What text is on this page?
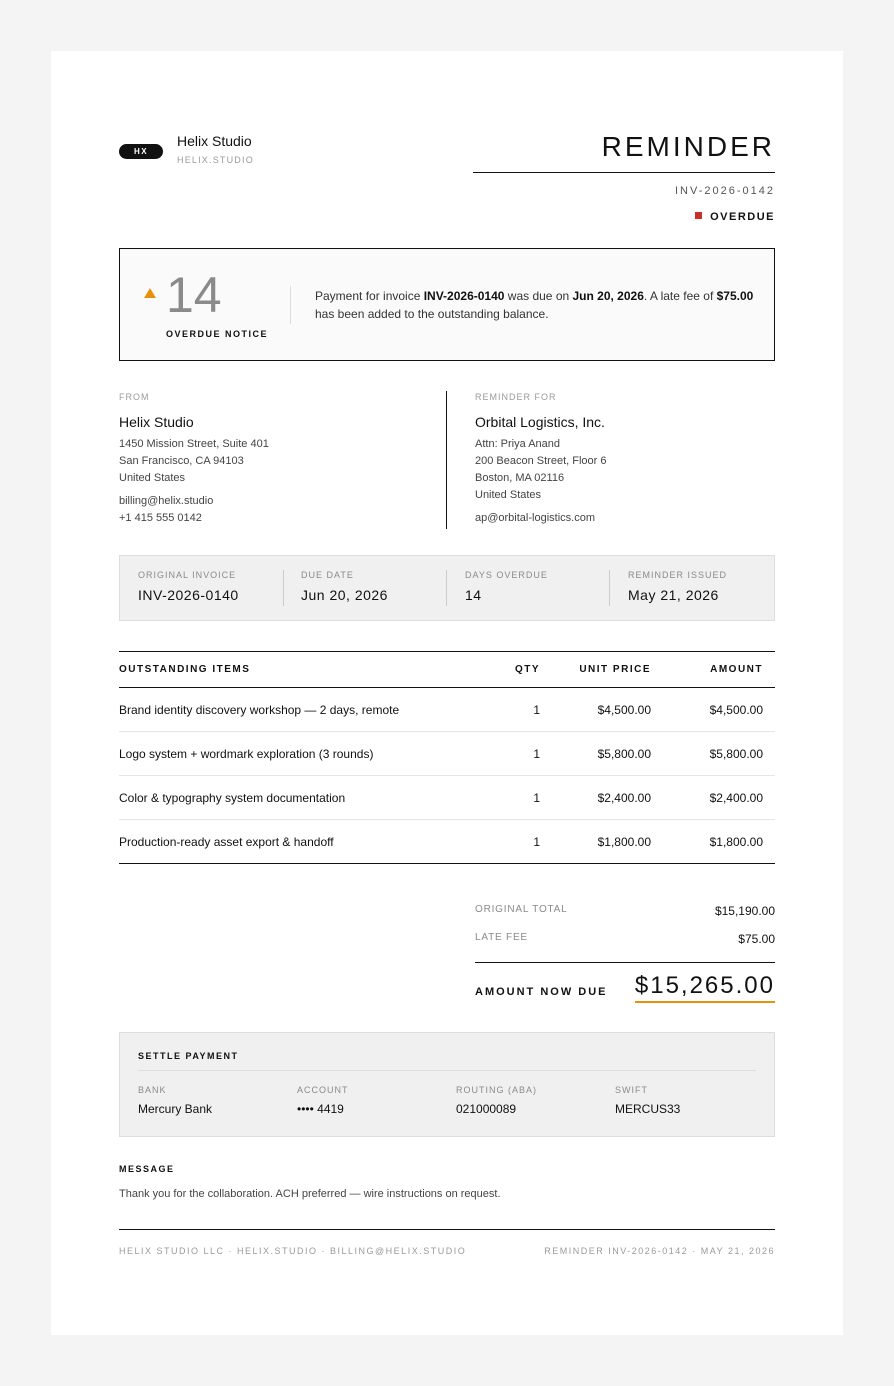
HX
Helix Studio
HELIX.STUDIO	REMINDER
INV-2026-0142
OVERDUE
14
OVERDUE NOTICE
Payment for invoice INV-2026-0140 was due on Jun 20, 2026. A late fee of $75.00 has been added to the outstanding balance.
FROM
Helix Studio
1450 Mission Street, Suite 401
San Francisco, CA 94103
United States
billing@helix.studio
+1 415 555 0142
REMINDER FOR
Orbital Logistics, Inc.
Attn: Priya Anand
200 Beacon Street, Floor 6
Boston, MA 02116
United States
ap@orbital-logistics.com
ORIGINAL INVOICE
INV-2026-0140
DUE DATE
Jun 20, 2026
DAYS OVERDUE
14
REMINDER ISSUED
May 21, 2026
OUTSTANDING ITEMS	QTY	UNIT PRICE	AMOUNT
Brand identity discovery workshop — 2 days, remote	1	$4,500.00	$4,500.00
Logo system + wordmark exploration (3 rounds)	1	$5,800.00	$5,800.00
Color & typography system documentation	1	$2,400.00	$2,400.00
Production-ready asset export & handoff	1	$1,800.00	$1,800.00
ORIGINAL TOTAL	$15,190.00
LATE FEE	$75.00
AMOUNT NOW DUE $15,265.00
SETTLE PAYMENT
BANK
Mercury Bank
ACCOUNT
•••• 4419
ROUTING (ABA)
021000089
SWIFT
MERCUS33
MESSAGE
Thank you for the collaboration. ACH preferred — wire instructions on request.
HELIX STUDIO LLC · HELIX.STUDIO · BILLING@HELIX.STUDIO	REMINDER INV-2026-0142 · MAY 21, 2026
